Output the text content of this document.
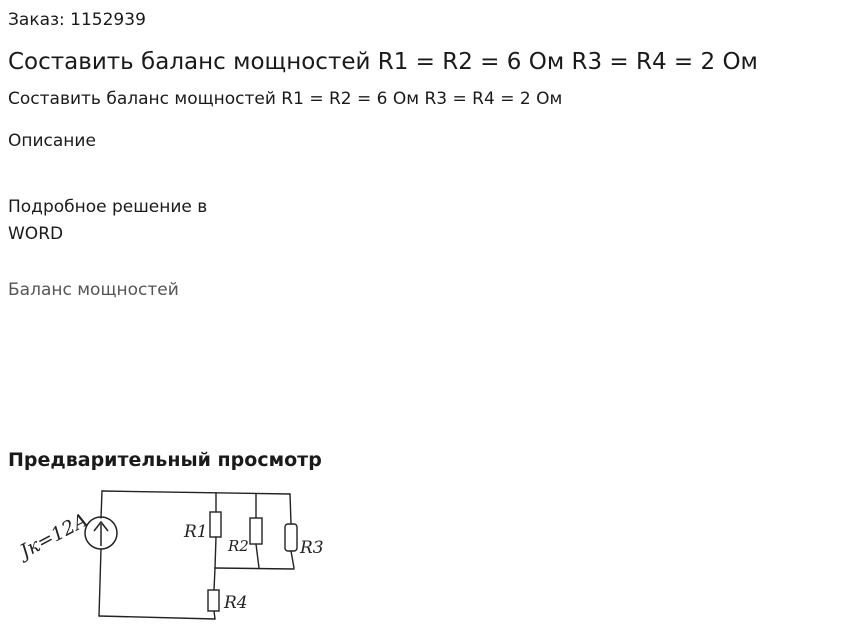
Заказ: 1152939
Составить баланс мощностей R1 = R2 = 6 Ом R3 = R4 = 2 Ом
Составить баланс мощностей R1 = R2 = 6 Ом R3 = R4 = 2 Ом
Описание
Подробное решение в WORD
Баланс мощностей
Предварительный просмотр
Jк=12А	R1
R2	R3
R4
